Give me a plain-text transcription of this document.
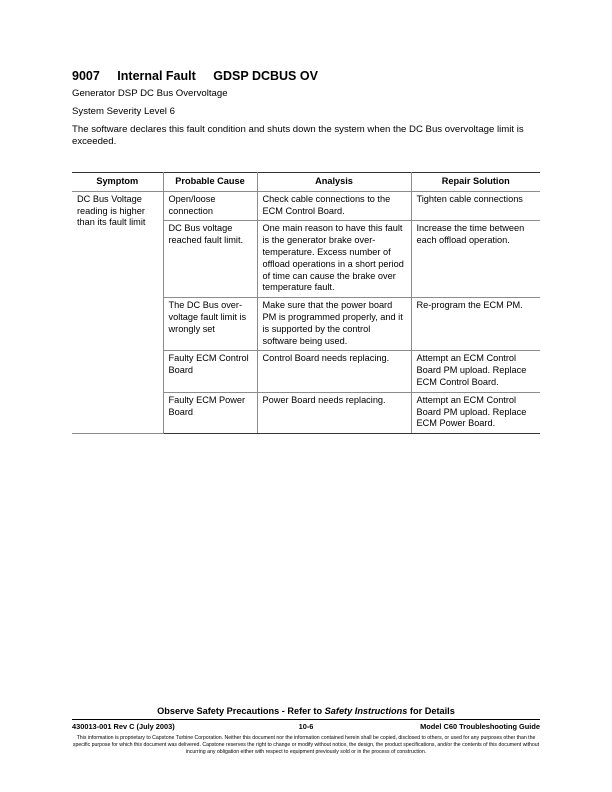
9007 Internal Fault GDSP DCBUS OV
Generator DSP DC Bus Overvoltage
System Severity Level 6
The software declares this fault condition and shuts down the system when the DC Bus overvoltage limit is exceeded.
Symptom	Probable Cause	Analysis	Repair Solution
DC Bus Voltage reading is higher than its fault limit	Open/loose connection	Check cable connections to the ECM Control Board.	Tighten cable connections
	DC Bus voltage reached fault limit.	One main reason to have this fault is the generator brake over-temperature. Excess number of offload operations in a short period of time can cause the brake over temperature fault.	Increase the time between each offload operation.
	The DC Bus over-voltage fault limit is wrongly set	Make sure that the power board PM is programmed properly, and it is supported by the control software being used.	Re-program the ECM PM.
	Faulty ECM Control Board	Control Board needs replacing.	Attempt an ECM Control Board PM upload. Replace ECM Control Board.
	Faulty ECM Power Board	Power Board needs replacing.	Attempt an ECM Control Board PM upload. Replace ECM Power Board.
Observe Safety Precautions - Refer to Safety Instructions for Details
430013-001 Rev C (July 2003)	10-6	Model C60 Troubleshooting Guide
This information is proprietary to Capstone Turbine Corporation. Neither this document nor the information contained herein shall be copied, disclosed to others, or used for any purposes other than the specific purpose for which this document was delivered. Capstone reserves the right to change or modify without notice, the design, the product specifications, and/or the contents of this document without incurring any obligation either with respect to equipment previously sold or in the process of construction.
